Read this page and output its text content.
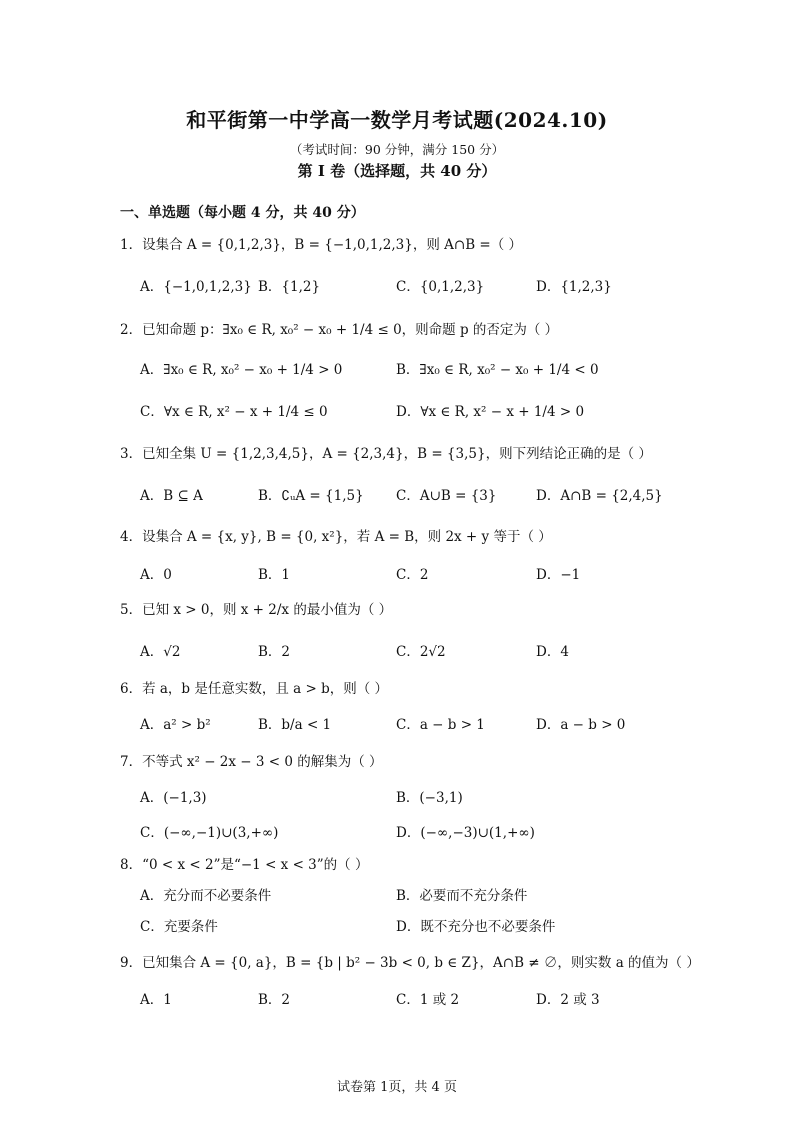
和平街第一中学高一数学月考试题(2024.10)
（考试时间：90 分钟，满分 150 分）
第 I 卷（选择题，共 40 分）
一、单选题（每小题 4 分，共 40 分）
1．设集合 A = {0,1,2,3}，B = {−1,0,1,2,3}，则 A∩B =（ ）
A．{−1,0,1,2,3} B．{1,2}	C．{0,1,2,3}	D．{1,2,3}
2．已知命题 p：∃x₀ ∈ R, x₀² − x₀ + 1/4 ≤ 0，则命题 p 的否定为（ ）
A．∃x₀ ∈ R, x₀² − x₀ + 1/4 > 0	B．∃x₀ ∈ R, x₀² − x₀ + 1/4 < 0
C．∀x ∈ R, x² − x + 1/4 ≤ 0	D．∀x ∈ R, x² − x + 1/4 > 0
3．已知全集 U = {1,2,3,4,5}，A = {2,3,4}，B = {3,5}，则下列结论正确的是（ ）
A．B ⊆ A	B．∁ᵤA = {1,5} C．A∪B = {3}	D．A∩B = {2,4,5}
4．设集合 A = {x, y}, B = {0, x²}，若 A = B，则 2x + y 等于（ ）
A．0	B．1	C．2	D．−1
5．已知 x > 0，则 x + 2/x 的最小值为（ ）
A．√2	B．2	C．2√2	D．4
6．若 a，b 是任意实数，且 a > b，则（ ）
A．a² > b²	B．b/a < 1	C．a − b > 1	D．a − b > 0
7．不等式 x² − 2x − 3 < 0 的解集为（ ）
A．(−1,3)	B．(−3,1)
C．(−∞,−1)∪(3,+∞)	D．(−∞,−3)∪(1,+∞)
8．“0 < x < 2”是“−1 < x < 3”的（ ）
A．充分而不必要条件	B．必要而不充分条件
C．充要条件	D．既不充分也不必要条件
9．已知集合 A = {0, a}，B = {b | b² − 3b < 0, b ∈ Z}，A∩B ≠ ∅，则实数 a 的值为（ ）
A．1	B．2	C．1 或 2	D．2 或 3
试卷第 1页，共 4 页
